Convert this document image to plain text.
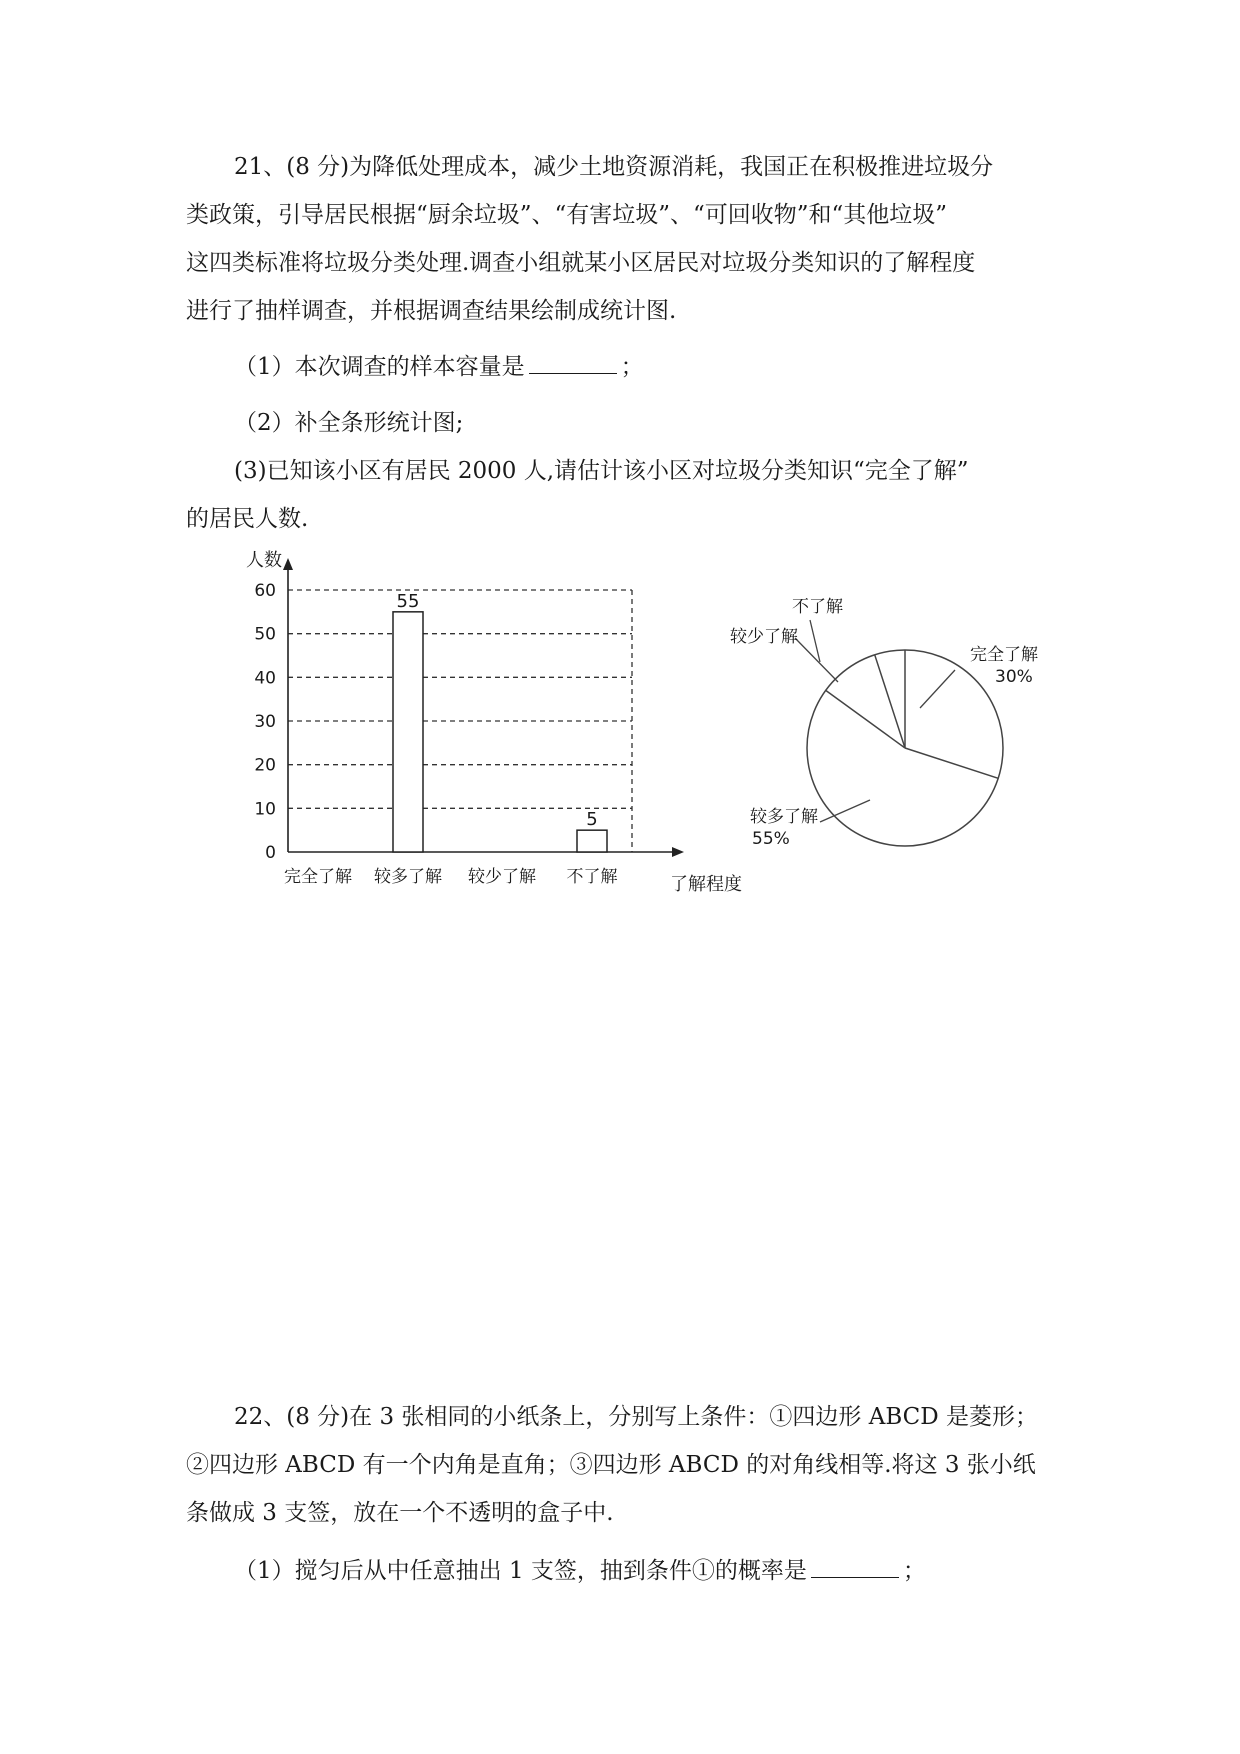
21、(8 分)为降低处理成本，减少土地资源消耗，我国正在积极推进垃圾分

类政策，引导居民根据“厨余垃圾”、“有害垃圾”、“可回收物”和“其他垃圾”

这四类标准将垃圾分类处理.调查小组就某小区居民对垃圾分类知识的了解程度

进行了抽样调查，并根据调查结果绘制成统计图.

（1）本次调查的样本容量是	；

（2）补全条形统计图;

(3)已知该小区有居民 2000 人,请估计该小区对垃圾分类知识“完全了解”

的居民人数.

0
10
20
30
40
50
60
完全了解 较多了解
55
较少了解 不了解
5
人数
了解程度
完全了解
30%
较多了解
55%
较少了解
不了解

22、(8 分)在 3 张相同的小纸条上，分别写上条件：①四边形 ABCD 是菱形；

②四边形 ABCD 有一个内角是直角；③四边形 ABCD 的对角线相等.将这 3 张小纸

条做成 3 支签，放在一个不透明的盒子中.

（1）搅匀后从中任意抽出 1 支签，抽到条件①的概率是	；
